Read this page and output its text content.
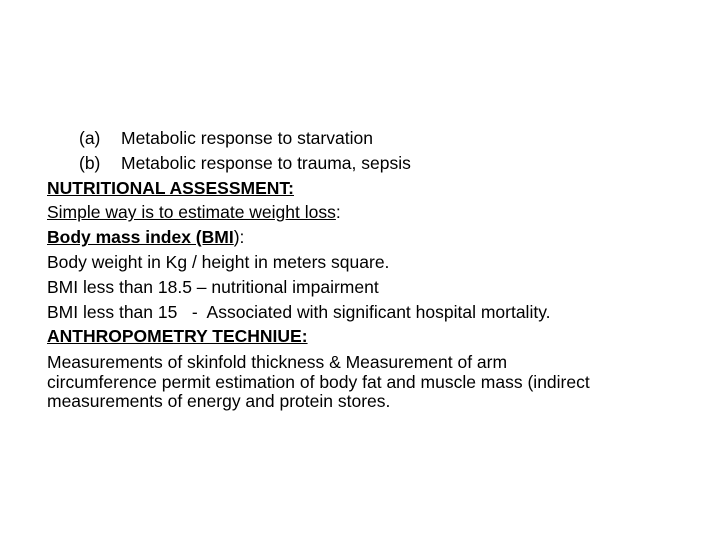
(a) Metabolic response to starvation
(b) Metabolic response to trauma, sepsis
NUTRITIONAL ASSESSMENT:
Simple way is to estimate weight loss:
Body mass index (BMI):
Body weight in Kg / height in meters square.
BMI less than 18.5 – nutritional impairment
BMI less than 15   -  Associated with significant hospital mortality.
ANTHROPOMETRY TECHNIUE:
Measurements of skinfold thickness & Measurement of arm
circumference permit estimation of body fat and muscle mass (indirect
measurements of energy and protein stores.
